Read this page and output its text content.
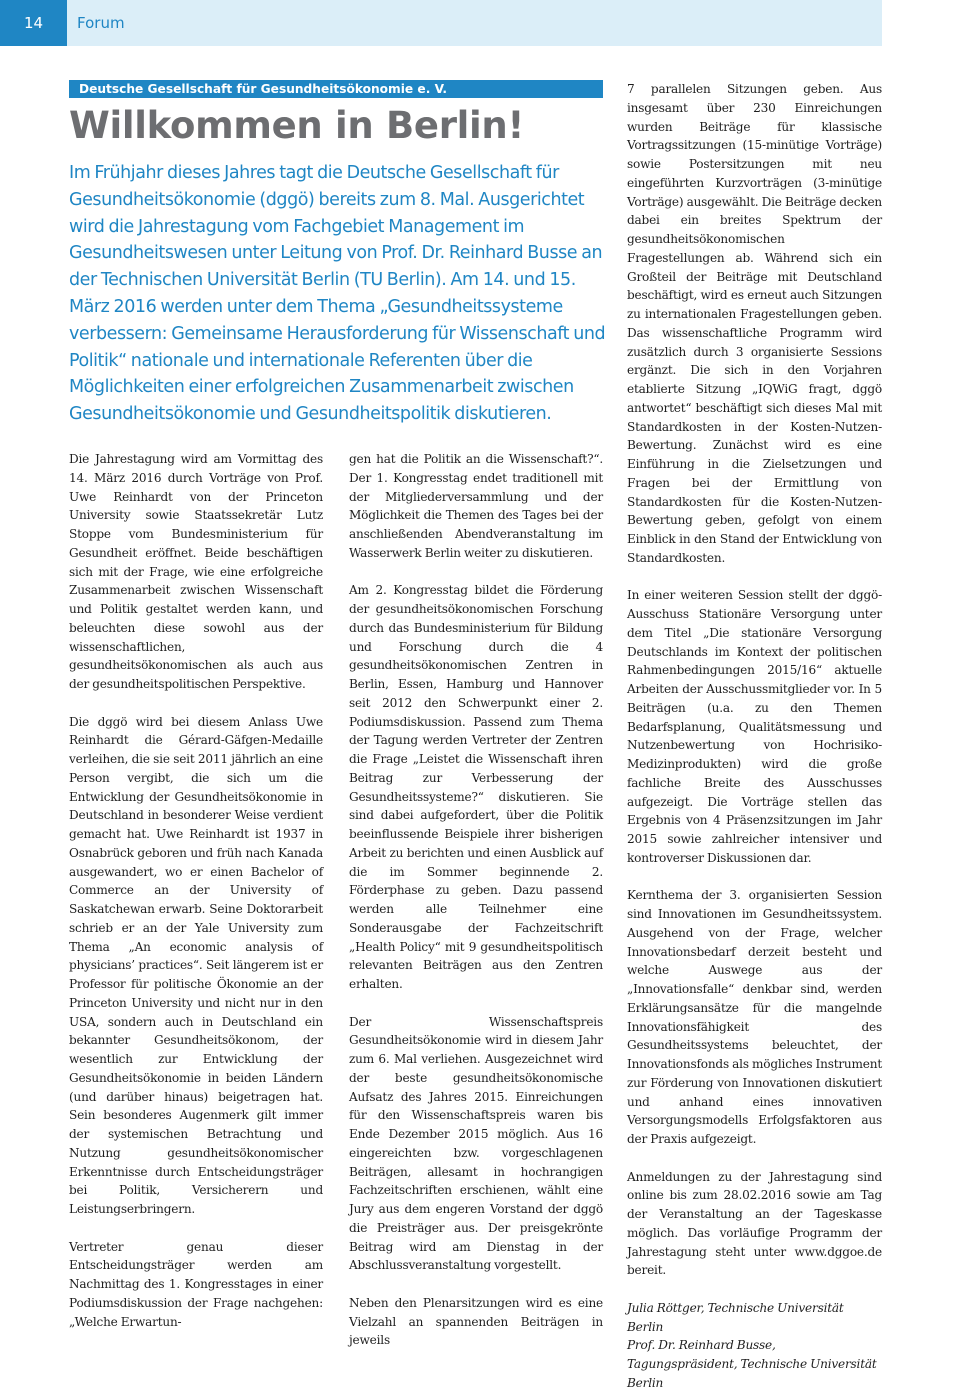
14	Forum
Deutsche Gesellschaft für Gesundheitsökonomie e. V.
Willkommen in Berlin!

Im Frühjahr dieses Jahres tagt die Deutsche Gesellschaft für Gesundheitsökonomie (dggö) bereits zum 8. Mal. Ausgerichtet wird die Jahrestagung vom Fachgebiet Management im Gesundheitswesen unter Leitung von Prof. Dr. Reinhard Busse an der Technischen Universität Berlin (TU Berlin). Am 14. und 15. März 2016 werden unter dem Thema „Gesundheitssysteme verbessern: Gemeinsame Herausforderung für Wissenschaft und Politik“ nationale und internationale Referenten über die Möglichkeiten einer erfolgreichen Zusammenarbeit zwischen Gesundheitsökonomie und Gesundheitspolitik diskutieren.

Die Jahrestagung wird am Vormittag des 14. März 2016 durch Vorträge von Prof. Uwe Reinhardt von der Princeton University sowie Staatssekretär Lutz Stoppe vom Bundesministerium für Gesundheit eröffnet. Beide beschäftigen sich mit der Frage, wie eine erfolgreiche Zusammenarbeit zwischen Wissenschaft und Politik gestaltet werden kann, und beleuchten diese sowohl aus der wissenschaftlichen, gesundheitsökonomischen als auch aus der gesundheitspolitischen Perspektive.

Die dggö wird bei diesem Anlass Uwe Reinhardt die Gérard-Gäfgen-Medaille verleihen, die sie seit 2011 jährlich an eine Person vergibt, die sich um die Entwicklung der Gesundheitsökonomie in Deutschland in besonderer Weise verdient gemacht hat. Uwe Reinhardt ist 1937 in Osnabrück geboren und früh nach Kanada ausgewandert, wo er einen Bachelor of Commerce an der University of Saskatchewan erwarb. Seine Doktorarbeit schrieb er an der Yale University zum Thema „An economic analysis of physicians’ practices“. Seit längerem ist er Professor für politische Ökonomie an der Princeton University und nicht nur in den USA, sondern auch in Deutschland ein bekannter Gesundheitsökonom, der wesentlich zur Entwicklung der Gesundheitsökonomie in beiden Ländern (und darüber hinaus) beigetragen hat. Sein besonderes Augenmerk gilt immer der systemischen Betrachtung und Nutzung gesundheitsökonomischer Erkenntnisse durch Entscheidungsträger bei Politik, Versicherern und Leistungserbringern.

Vertreter genau dieser Entscheidungsträger werden am Nachmittag des 1. Kongresstages in einer Podiumsdiskussion der Frage nachgehen: „Welche Erwartun-

gen hat die Politik an die Wissenschaft?“. Der 1. Kongresstag endet traditionell mit der Mitgliederversammlung und der Möglichkeit die Themen des Tages bei der anschließenden Abendveranstaltung im Wasserwerk Berlin weiter zu diskutieren.

Am 2. Kongresstag bildet die Förderung der gesundheitsökonomischen Forschung durch das Bundesministerium für Bildung und Forschung durch die 4 gesundheitsökonomischen Zentren in Berlin, Essen, Hamburg und Hannover seit 2012 den Schwerpunkt einer 2. Podiumsdiskussion. Passend zum Thema der Tagung werden Vertreter der Zentren die Frage „Leistet die Wissenschaft ihren Beitrag zur Verbesserung der Gesundheitssysteme?“ diskutieren. Sie sind dabei aufgefordert, über die Politik beeinflussende Beispiele ihrer bisherigen Arbeit zu berichten und einen Ausblick auf die im Sommer beginnende 2. Förderphase zu geben. Dazu passend werden alle Teilnehmer eine Sonderausgabe der Fachzeitschrift „Health Policy“ mit 9 gesundheitspolitisch relevanten Beiträgen aus den Zentren erhalten.

Der Wissenschaftspreis Gesundheitsökonomie wird in diesem Jahr zum 6. Mal verliehen. Ausgezeichnet wird der beste gesundheitsökonomische Aufsatz des Jahres 2015. Einreichungen für den Wissenschaftspreis waren bis Ende Dezember 2015 möglich. Aus 16 eingereichten bzw. vorgeschlagenen Beiträgen, allesamt in hochrangigen Fachzeitschriften erschienen, wählt eine Jury aus dem engeren Vorstand der dggö die Preisträger aus. Der preisgekrönte Beitrag wird am Dienstag in der Abschlussveranstaltung vorgestellt.

Neben den Plenarsitzungen wird es eine Vielzahl an spannenden Beiträgen in jeweils

7 parallelen Sitzungen geben. Aus insgesamt über 230 Einreichungen wurden Beiträge für klassische Vortragssitzungen (15-minütige Vorträge) sowie Postersitzungen mit neu eingeführten Kurzvorträgen (3-minütige Vorträge) ausgewählt. Die Beiträge decken dabei ein breites Spektrum der gesundheitsökonomischen Fragestellungen ab. Während sich ein Großteil der Beiträge mit Deutschland beschäftigt, wird es erneut auch Sitzungen zu internationalen Fragestellungen geben. Das wissenschaftliche Programm wird zusätzlich durch 3 organisierte Sessions ergänzt. Die sich in den Vorjahren etablierte Sitzung „IQWiG fragt, dggö antwortet“ beschäftigt sich dieses Mal mit Standardkosten in der Kosten-Nutzen-Bewertung. Zunächst wird es eine Einführung in die Zielsetzungen und Fragen bei der Ermittlung von Standardkosten für die Kosten-Nutzen-Bewertung geben, gefolgt von einem Einblick in den Stand der Entwicklung von Standardkosten.

In einer weiteren Session stellt der dggö-Ausschuss Stationäre Versorgung unter dem Titel „Die stationäre Versorgung Deutschlands im Kontext der politischen Rahmenbedingungen 2015/16“ aktuelle Arbeiten der Ausschussmitglieder vor. In 5 Beiträgen (u.a. zu den Themen Bedarfsplanung, Qualitätsmessung und Nutzenbewertung von Hochrisiko-Medizinprodukten) wird die große fachliche Breite des Ausschusses aufgezeigt. Die Vorträge stellen das Ergebnis von 4 Präsenzsitzungen im Jahr 2015 sowie zahlreicher intensiver und kontroverser Diskussionen dar.

Kernthema der 3. organisierten Session sind Innovationen im Gesundheitssystem. Ausgehend von der Frage, welcher Innovationsbedarf derzeit besteht und welche Auswege aus der „Innovationsfalle“ denkbar sind, werden Erklärungsansätze für die mangelnde Innovationsfähigkeit des Gesundheitssystems beleuchtet, der Innovationsfonds als mögliches Instrument zur Förderung von Innovationen diskutiert und anhand eines innovativen Versorgungsmodells Erfolgsfaktoren aus der Praxis aufgezeigt.

Anmeldungen zu der Jahrestagung sind online bis zum 28.02.2016 sowie am Tag der Veranstaltung an der Tageskasse möglich. Das vorläufige Programm der Jahrestagung steht unter www.dggoe.de bereit.

Julia Röttger, Technische Universität Berlin
Prof. Dr. Reinhard Busse, Tagungspräsident, Technische Universität Berlin
